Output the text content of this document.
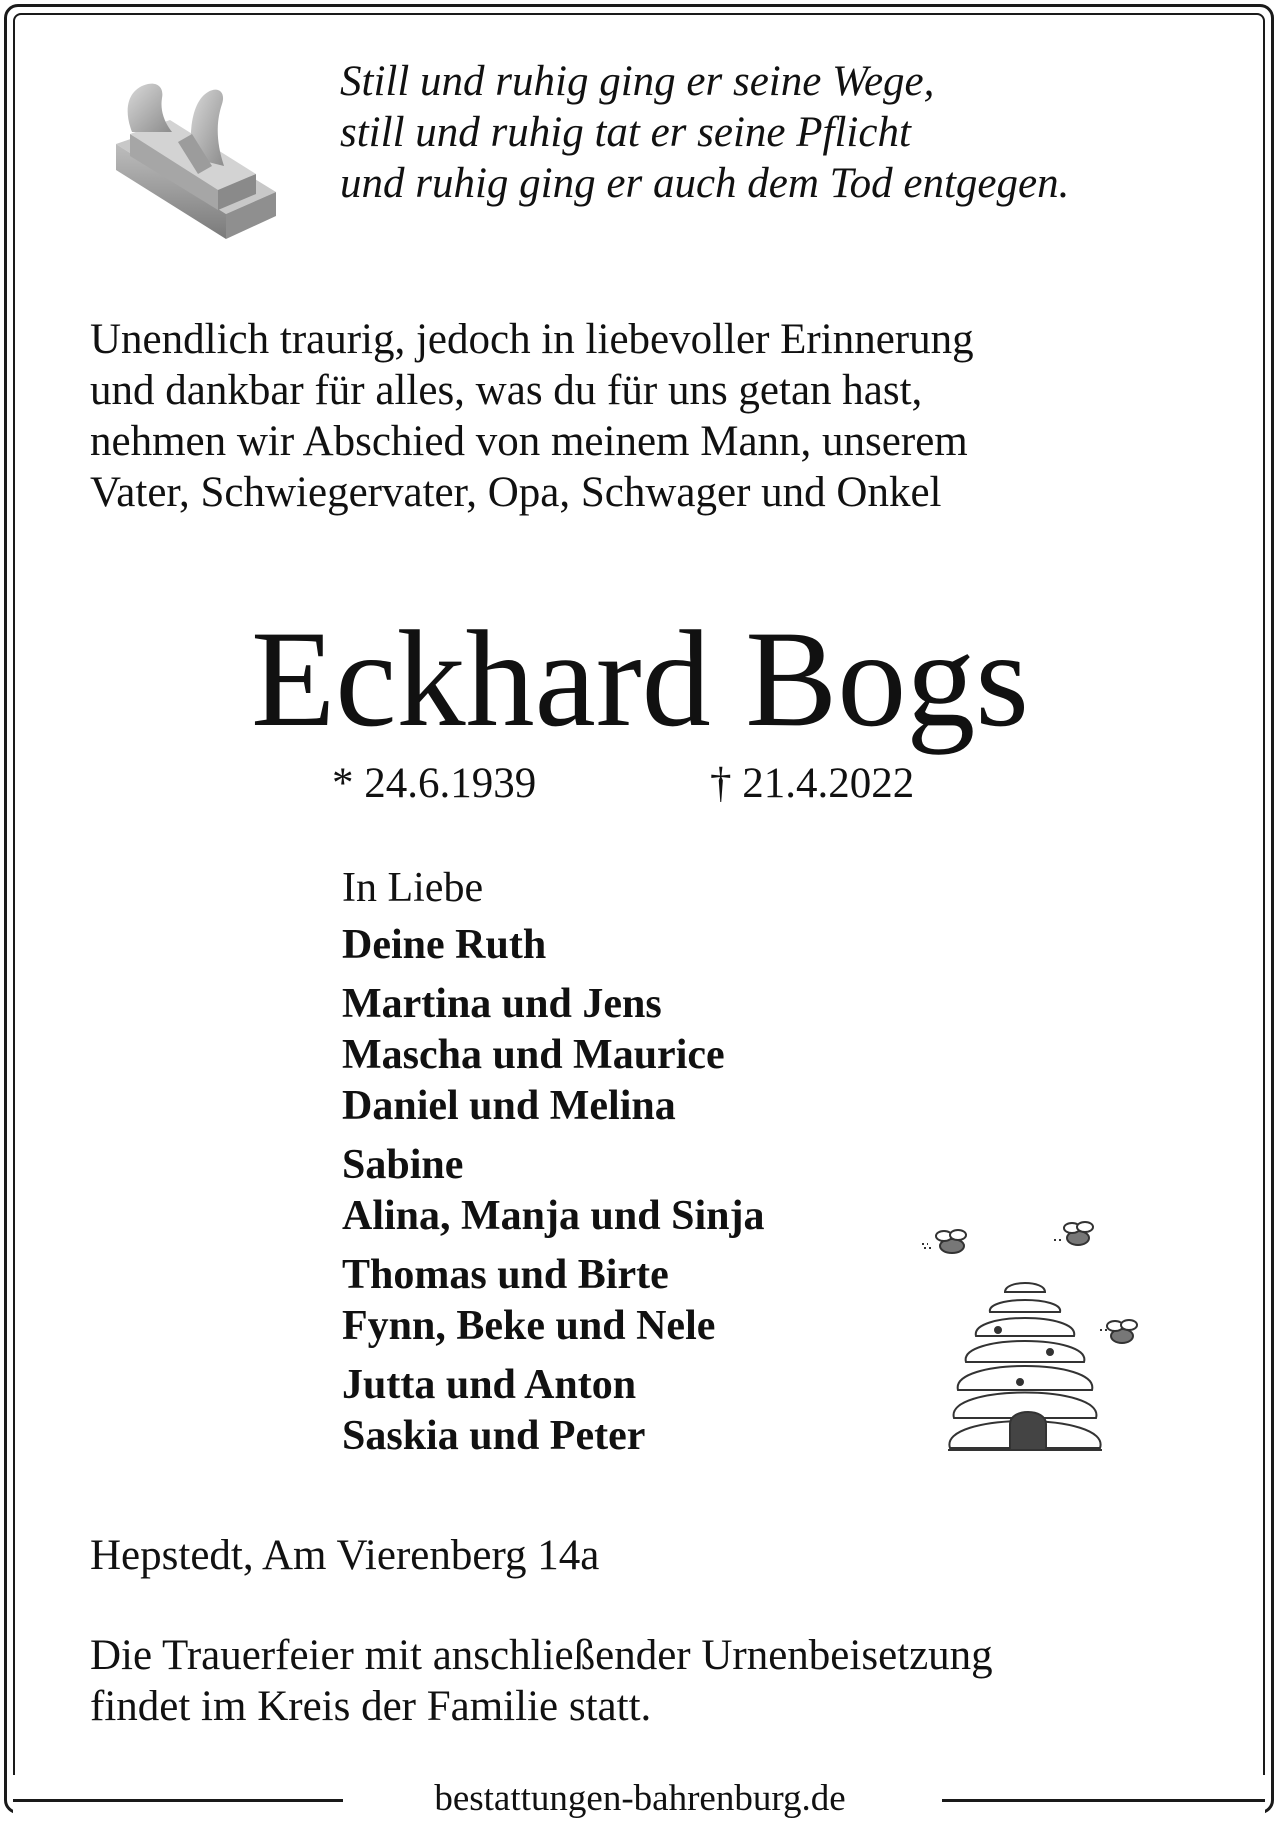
Still und ruhig ging er seine Wege,
still und ruhig tat er seine Pflicht
und ruhig ging er auch dem Tod entgegen.
Unendlich traurig, jedoch in liebevoller Erinnerung
und dankbar für alles, was du für uns getan hast,
nehmen wir Abschied von meinem Mann, unserem
Vater, Schwiegervater, Opa, Schwager und Onkel
Eckhard Bogs
* 24.6.1939	† 21.4.2022
In Liebe
Deine Ruth
Martina und Jens
Mascha und Maurice
Daniel und Melina
Sabine
Alina, Manja und Sinja
Thomas und Birte
Fynn, Beke und Nele
Jutta und Anton
Saskia und Peter
Hepstedt, Am Vierenberg 14a
Die Trauerfeier mit anschließender Urnenbeisetzung
findet im Kreis der Familie statt.
bestattungen-bahrenburg.de
